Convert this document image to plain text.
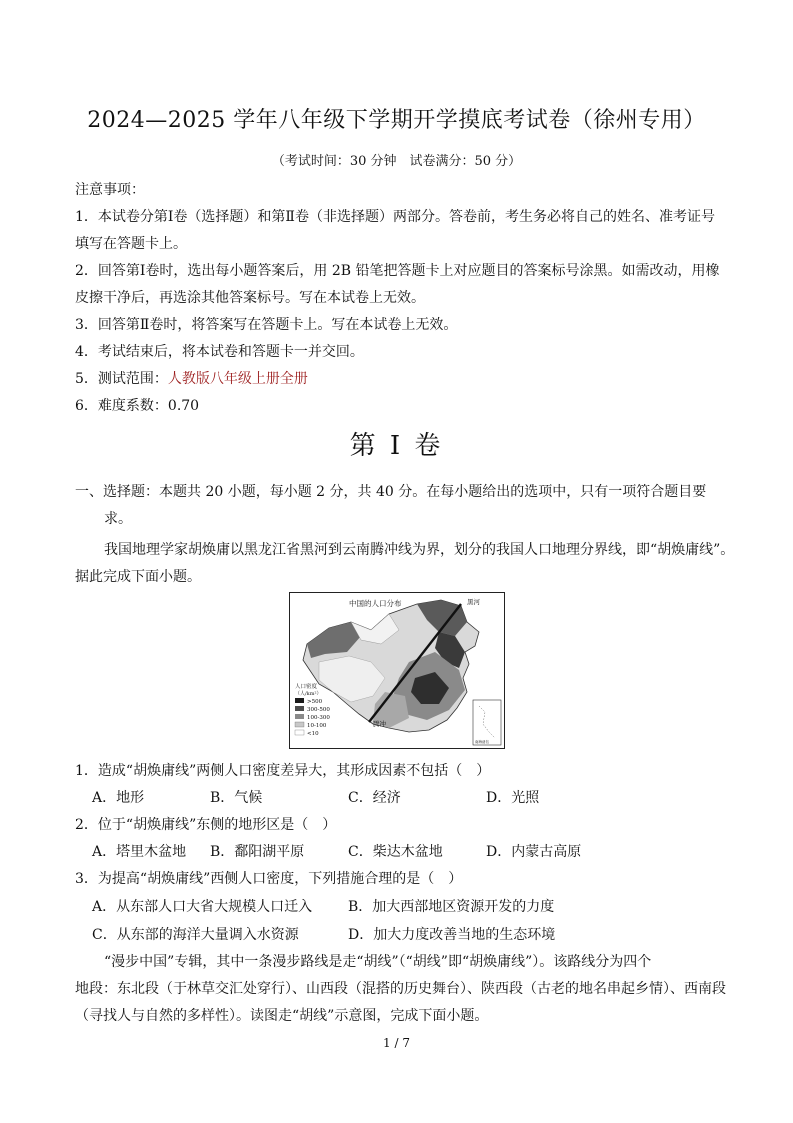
2024—2025 学年八年级下学期开学摸底考试卷（徐州专用）
（考试时间：30 分钟　试卷满分：50 分）
注意事项：
1．本试卷分第Ⅰ卷（选择题）和第Ⅱ卷（非选择题）两部分。答卷前，考生务必将自己的姓名、准考证号
填写在答题卡上。
2．回答第Ⅰ卷时，选出每小题答案后，用 2B 铅笔把答题卡上对应题目的答案标号涂黑。如需改动，用橡
皮擦干净后，再选涂其他答案标号。写在本试卷上无效。
3．回答第Ⅱ卷时，将答案写在答题卡上。写在本试卷上无效。
4．考试结束后，将本试卷和答题卡一并交回。
5．测试范围：人教版八年级上册全册
6．难度系数：0.70
第 I 卷
一、选择题：本题共 20 小题，每小题 2 分，共 40 分。在每小题给出的选项中，只有一项符合题目要
求。
我国地理学家胡焕庸以黑龙江省黑河到云南腾冲线为界，划分的我国人口地理分界线，即“胡焕庸线”。
据此完成下面小题。
中国的人口分布	黑河
腾冲
人口密度
（人/km²）
>500
300-500
100-300
10-100
<10
南海诸岛
1．造成“胡焕庸线”两侧人口密度差异大，其形成因素不包括（　）
A．地形	B．气候	C．经济	D．光照
2．位于“胡焕庸线”东侧的地形区是（　）
A．塔里木盆地 B．鄱阳湖平原	C．柴达木盆地	D．内蒙古高原
3．为提高“胡焕庸线”西侧人口密度，下列措施合理的是（　）
A．从东部人口大省大规模人口迁入	B．加大西部地区资源开发的力度
C．从东部的海洋大量调入水资源	D．加大力度改善当地的生态环境
“漫步中国”专辑，其中一条漫步路线是走“胡线”（“胡线”即“胡焕庸线”）。该路线分为四个
地段：东北段（于林草交汇处穿行）、山西段（混搭的历史舞台）、陕西段（古老的地名串起乡情）、西南段
（寻找人与自然的多样性）。读图走“胡线”示意图，完成下面小题。
1 / 7
